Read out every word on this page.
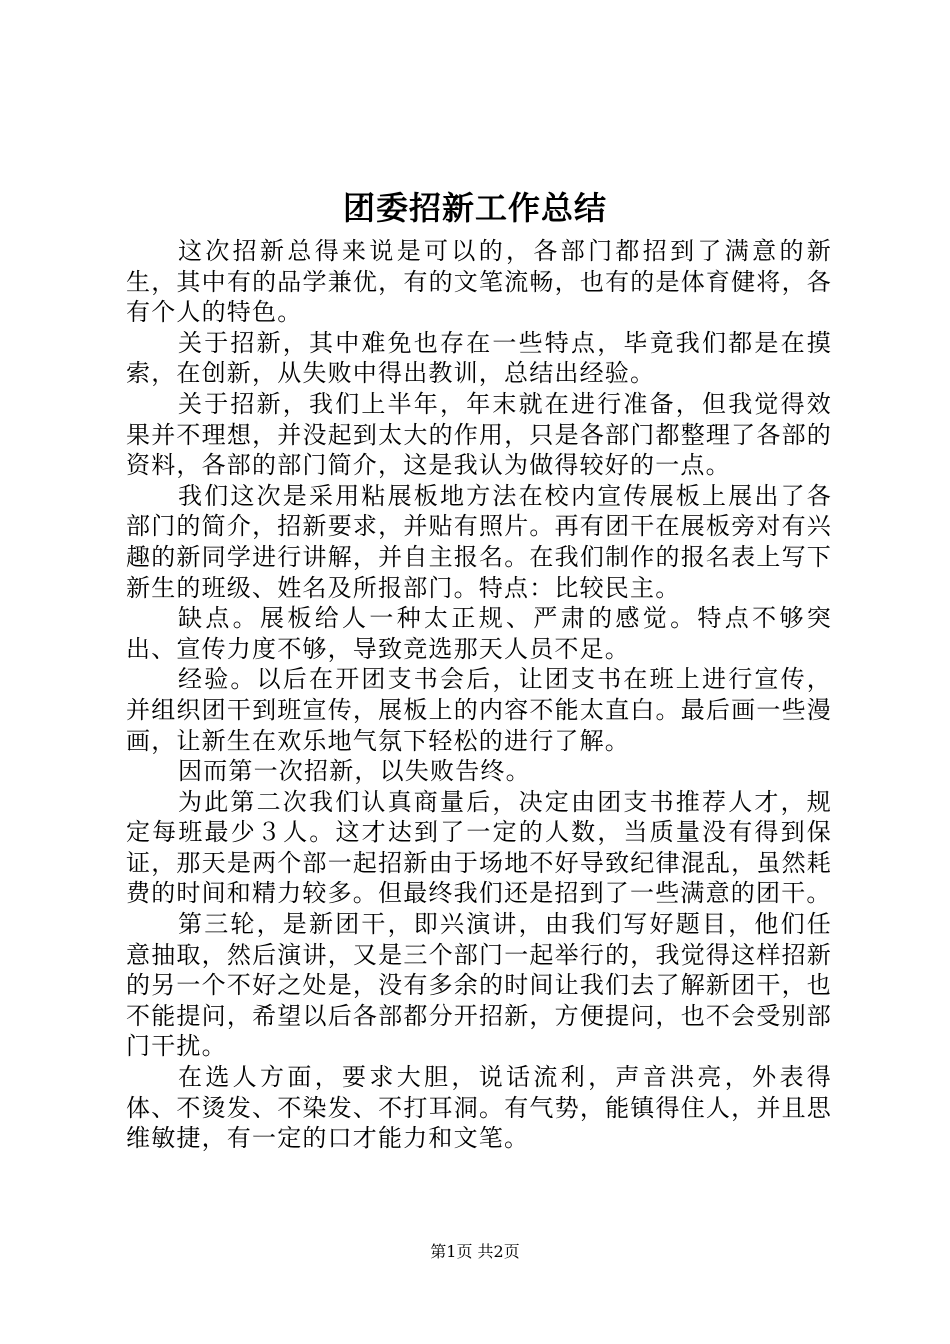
团委招新工作总结

这次招新总得来说是可以的，各部门都招到了满意的新生，其中有的品学兼优，有的文笔流畅，也有的是体育健将，各有个人的特色。

关于招新，其中难免也存在一些特点，毕竟我们都是在摸索，在创新，从失败中得出教训，总结出经验。

关于招新，我们上半年，年末就在进行准备，但我觉得效果并不理想，并没起到太大的作用，只是各部门都整理了各部的资料，各部的部门简介，这是我认为做得较好的一点。

我们这次是采用粘展板地方法在校内宣传展板上展出了各部门的简介，招新要求，并贴有照片。再有团干在展板旁对有兴趣的新同学进行讲解，并自主报名。在我们制作的报名表上写下新生的班级、姓名及所报部门。特点：比较民主。

缺点。展板给人一种太正规、严肃的感觉。特点不够突出、宣传力度不够，导致竞选那天人员不足。

经验。以后在开团支书会后，让团支书在班上进行宣传，并组织团干到班宣传，展板上的内容不能太直白。最后画一些漫画，让新生在欢乐地气氛下轻松的进行了解。

因而第一次招新，以失败告终。

为此第二次我们认真商量后，决定由团支书推荐人才，规定每班最少３人。这才达到了一定的人数，当质量没有得到保证，那天是两个部一起招新由于场地不好导致纪律混乱，虽然耗费的时间和精力较多。但最终我们还是招到了一些满意的团干。

第三轮，是新团干，即兴演讲，由我们写好题目，他们任意抽取，然后演讲，又是三个部门一起举行的，我觉得这样招新的另一个不好之处是，没有多余的时间让我们去了解新团干，也不能提问，希望以后各部都分开招新，方便提问，也不会受别部门干扰。

在选人方面，要求大胆，说话流利，声音洪亮，外表得体、不烫发、不染发、不打耳洞。有气势，能镇得住人，并且思维敏捷，有一定的口才能力和文笔。

第1页 共2页
